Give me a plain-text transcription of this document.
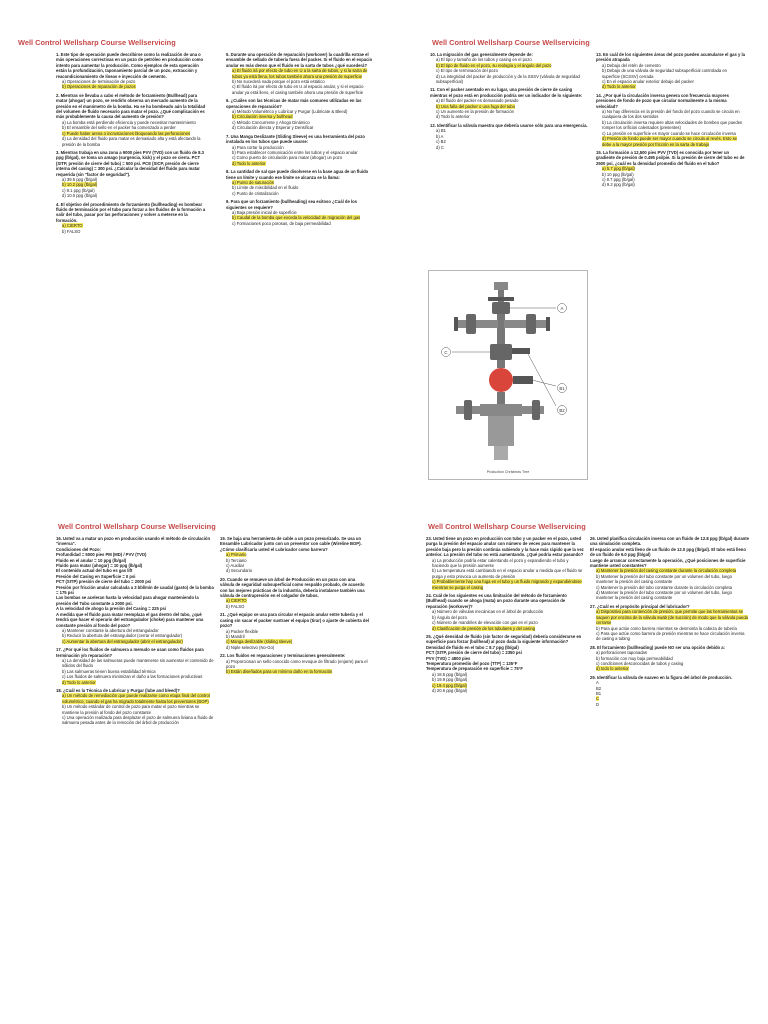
Well Control Wellsharp Course Wellservicing
1. Este tipo de operación puede describirse como la realización de una o más operaciones correctivas en un pozo de petróleo en producción como intento para aumentar la producción. Como ejemplos de esta operación están la profundización, taponamiento parcial de un pozo, extracción y reacondicionamiento de líneas e inyección de cemento.
a) Operaciones de terminación de pozo
b) Operaciones de reparación de pozos
2. Mientras se llevaba a cabo el método de forzamiento (Bullhead) para matar (ahogar) un pozo, se rendirlo observa un mercado aumento de la presión en el manómetro de la bomba. Ha se ha bombeado aún la totalidad del volumen de fluido necesario para matar el pozo. ¿Qué complicación es más probablemente la causa del aumento de presión?
a) La bomba está perdiendo eficiencia y puede necesitar mantenimiento
b) El ensamble del sello en el packer ha comenzado a perder
c) Puede haber arena o incrustaciones bloqueando las perforaciones
d) La densidad del fluido para matar es demasiado alta y está afectando la presión de la bomba
3. Mientras trabaja en una zona a 9000 pies PVV (TVD) con un fluido de 8.3 ppg (lb/gal), se toma un amago (surgencia, kick) y el pozo se cierra. PCT (SITP, presión de cierre del tubo) = 500 psi. PCE (SICP, presión de cierre interna del casing) = 300 psi. ¿Calcular la densidad del fluido para matar requerida (sin "factor de seguridad").
a) 39.5 ppg (lb/gal)
b) 10.2 ppg (lb/gal)
c) 9.1 ppg (lb/gal)
d) 10.0 ppg (lb/gal)
4. El objetivo del procedimiento de forzamiento (bullheading) es bombear fluido de terminación por el tubo para forzar a los fluidos de la formación a salir del tubo, pasar por las perforaciones y volver a meterse en la formación.
a) CIERTO
b) FALSO
5. Durante una operación de reparación (workover) la cuadrilla extrae el ensamble de sellado de tubería fuera del packer. Si el fluido en el espacio anular es más denso que el fluido en la sarta de tubos ¿qué sucederá?
a) El fluido irá por efecto de tubo en U a la sarta de tubos, y si la sarta de tubos ya está llena, los tubos también ahora una presión de superficie
b) No sucederá nada porque el pozo está estático
c) El fluido irá por efecto de tubo en U al espacio anular, y si el espacio anular ya está lleno, el casing también ahora una presión de superficie
6. ¿Cuáles son las técnicas de matar más comunes utilizadas en las operaciones de reparación?
a) Método Volumétrico y Lubricar y Purgar (Lubricate & Bleed)
b) Circulación inversa y bullhead
c) Método Concurrente y Ahogo Dinámico
d) Circulación directa y Esperar y Densificar
7. Una Manga Deslizante (Sliding Sleeve) es una herramienta del pozo instalada en los tubos que puede usarse:
a) Para cortar la producción
b) Para establecer comunicación entre los tubos y el espacio anular
c) Como puerto de circulación para matar (ahogar) un pozo
d) Todo lo anterior
8. La cantidad de sal que puede disolverse en la base agua de un fluido tiene un límite y cuando ese límite se alcanza se la llama:
a) Punto de saturación
b) Límite de miscibilidad en el fluido
c) Punto de cristalización
9. Para que un forzamiento (bullheading) sea exitoso ¿Cuál de los siguientes se requiere?
a) Baja presión inicial de superficie
b) Caudal de la bomba que exceda la velocidad de migración del gas
c) Formaciones poco porosas, de baja permeabilidad
Well Control Wellsharp Course Wellservicing
10. La migración del gas generalmente depende de:
a) El tipo y tamaño de los tubos y casing en el pozo
b) El tipo de fluido en el pozo, su reología y el ángulo del pozo
c) El tipo de terminación del pozo
d) La integridad del packer de producción y de la SSSV (válvula de seguridad subsuperficial)
11. Con el packer asentado en su lugar, una presión de cierre de casing mientras el pozo está en producción podría ser un indicador de lo siguiente:
a) El fluido del packer es demasiado pesado
b) Una falla del packer o una fuga del tubo
c) Un aumento en la presión de formación
d) Todo lo anterior
12. Identificar la válvula maestra que debería usarse sólo para una emergencia.
a) B1
b) A
c) B2
d) C
13. En cuál de los siguientes áreas del pozo pueden acumularse el gas y la presión atrapada
a) Debajo del retén de cemento
b) Debajo de una válvula de seguridad subsuperficial controlada en superficie (SCSSV) cerrada
c) En el espacio anular exterior debajo del packer
d) Todo lo anterior
14. ¿Por qué la circulación inversa genera con frecuencia mayores presiones de fondo de pozo que circular normalmente a la misma velocidad?
a) No hay diferencia en la presión del fondo del pozo cuando se circula en cualquiera de los dos sentidos
b) La circulación inversa requiere altas velocidades de bombeo que pueden romper los orificios calentados (presentes)
c) La presión en superficie es mayor cuando se hace circulación inversa
d) Presión de fondo puede ser mayor cuando se circula al revés. Esto se debe a la mayor presión por fricción en la sarta de trabajo
15. La formación a 12,500 pies PVV (TVD) es conocida por tener un gradiente de presión de 0.495 psi/pie. Si la presión de cierre del tubo es de 2500 psi, ¿cuál es la densidad promedio del fluido en el tubo?
a) 5.7 ppg (lb/gal)
b) 10 ppg (lb/gal)
c) 8.7 ppg (lb/gal)
d) 9.2 ppg (lb/gal)
A
C
B1
B2
Production Christmas Tree
Well Control Wellsharp Course Wellservicing
16. Usted va a matar un pozo en producción usando el método de circulación "inversa".
Condiciones del Pozo:
Profundidad = 5000 pies PM (MD) / PVV (TVD)
Fluido en el anular = 10 ppg (lb/gal)
Fluido para matar (ahogar) = 10 ppg (lb/gal)
El contenido actual del tubo es gas lift
Presión del Casing en Superficie = 0 psi
PCT (SITP) presión de cierre del tubo = 2000 psi
Presión por fricción anular calculada a 3 bbl/min de caudal (gasto) de la bomba = 175 psi
Las bombas se aceleran hasta la velocidad para ahogar manteniendo la presión del Tubo constante a 2000 psi.
A la velocidad de ahogo la presión del Casing = 225 psi
A medida que el fluido para matar reemplaza el gas dentro del tubo, ¿qué tendrá que hacer el operario del estrangulador (choke) para mantener una constante presión al fondo del pozo?
a) Mantener constante la abertura del estrangulador
b) Reducir la abertura del estrangulador (cerrar el estrangulador)
c) Aumentar la abertura del estrangulador (abrir el estrangulador)
17. ¿Por qué los fluidos de salmuera a menudo se usan como fluidos para terminación y/o reparación?
a) La densidad de las salmueras puede mantenerse sin aumentar el contenido de sólidos del fluido
b) Las salmueras tienen buena estabilidad térmica
c) Los fluidos de salmuera minimizan el daño a las formaciones productivas
d) Todo lo anterior
18. ¿Cuál es la Técnica de Lubricar y Purgar (lube and bleed)?
a) Un método de remediación que puede realizarse como etapa final del control volumétrico, cuando el gas ha migrado totalmente hasta los preventores (BOP)
b) Un método estándar de control de pozo para matar el pozo mientras se mantiene la presión al fondo del pozo constante
c) Una operación realizada para desplazar el pozo de salmuera liviana a fluido de salmuera pesada antes de la remoción del árbol de producción
19. Se baja una herramienta de cable a un pozo presurizado. Se usa un Ensamble Lubricador junto con un preventor con cable (Wireline BOP). ¿Cómo clasificaría usted el Lubricador como barrera?
a) Primario
b) Terciario
c) Auxiliar
d) Secundario
20. Cuando se remueve un árbol de Producción en un pozo con una válvula de seguridad subsuperficial como respaldo probado, de acuerdo con las mejores prácticas de la industria, debería instalarse también una válvula de contrapresión en el colgador de tubos.
a) CIERTO
b) FALSO
21. ¿Qué equipo se usa para circular el espacio anular entre tubería y el casing sin sacar el packer sustraer el equipo (tirar) o ajuste de cubierta del pozo?
a) Packer flexible
b) Mandril
c) Manga deslizable (sliding sleeve)
d) Niple selectivo (No-Go)
22. Los fluidos en reparaciones y terminaciones generalmente:
a) Proporcionan un sello conocido como revoque de filtrado (enjarre) para el pozo
b) Están diseñados para un mínimo daño en la formación
Well Control Wellsharp Course Wellservicing
23. Usted tiene un pozo en producción con tubo y un packer en el pozo, usted purga la presión del espacio anular con número de veces para mantener la presión baja pero la presión continúa subiendo y la hace más rápido que la vez anterior. La presión del tubo no está aumentando. ¿Qué podría estar pasando?
a) La producción podría estar calentando el pozo y expandiendo el tubo y haciendo que la presión aumente
b) La temperatura está cambiando en el espacio anular a medida que el fluido se purga y esto provoca un aumento de presión
c) Probablemente hay una fuga en el tubo y un fluido migrando y expandiéndose mientras se purga el casing
24. Cuál de los siguientes es una limitación del método de forzamiento (Bullhead) cuando se ahoga (mata) un pozo durante una operación de reparación (workover)?
a) Número de válvulas mecánicas en el árbol de producción
b) Ángulo del pozo
c) Número de mandriles de elevación con gas en el pozo
d) Clasificación de presión de los tubulares y del casing
25. ¿Qué densidad de fluido (sin factor de seguridad) debería considerarse en superficie para forzar (bullhead) al pozo dada la siguiente información?
Densidad de fluido en el tubo = 8.7 ppg (lb/gal)
PCT (SITP, presión de cierre del tubo) = 2350 psi
PVV (TVD) = 4800 pies
Temperatura promedio del pozo (TTP) = 135°F
Temperatura de preparación en superficie = 75°F
a) 18.5 ppg (lb/gal)
b) 19.9 ppg (lb/gal)
c) 19.4 ppg (lb/gal)
d) 20.6 ppg (lb/gal)
26. Usted planifica circulación inversa con un fluido de 12.8 ppg (lb/gal) durante una simulación completa.
El espacio anular está lleno de un fluido de 12.0 ppg (lb/gal). El tubo está lleno de un fluido de 6.0 ppg (lb/gal)
Luego de arrancar correctamente la operación, ¿Qué posiciones de superficie mantiene usted constantes?
a) Mantener la presión del casing constante durante la circulación completa
b) Mantener la presión del tubo constante por un volumen del tubo, luego mantener la presión del casing constante
c) Mantener la presión del tubo constante durante la circulación completa
d) Mantener la presión del tubo constante por un volumen del tubo, luego mantener la presión del casing constante
27. ¿Cuál es el propósito principal del lubricador?
a) Dispositivo para contención de presión, que permite que las herramientas se saquen por encima de la válvula swab (de succión) de modo que la válvula pueda cerrarse
b) Para que actúe como barrera mientras se desmonta la cabeza de tubería
c) Para que actúe como barrera de presión mientras se hace circulación inversa de casing a tubing
28. El forzamiento (bullheading) puede NO ser una opción debido a:
a) perforaciones taponadas
b) formación con muy baja permeabilidad
c) condiciones desconocidas de tubos y casing
d) todo lo anterior
29. Identificar la válvula de suaveo en la figura del árbol de producción.
A
B2
B1
C
D
